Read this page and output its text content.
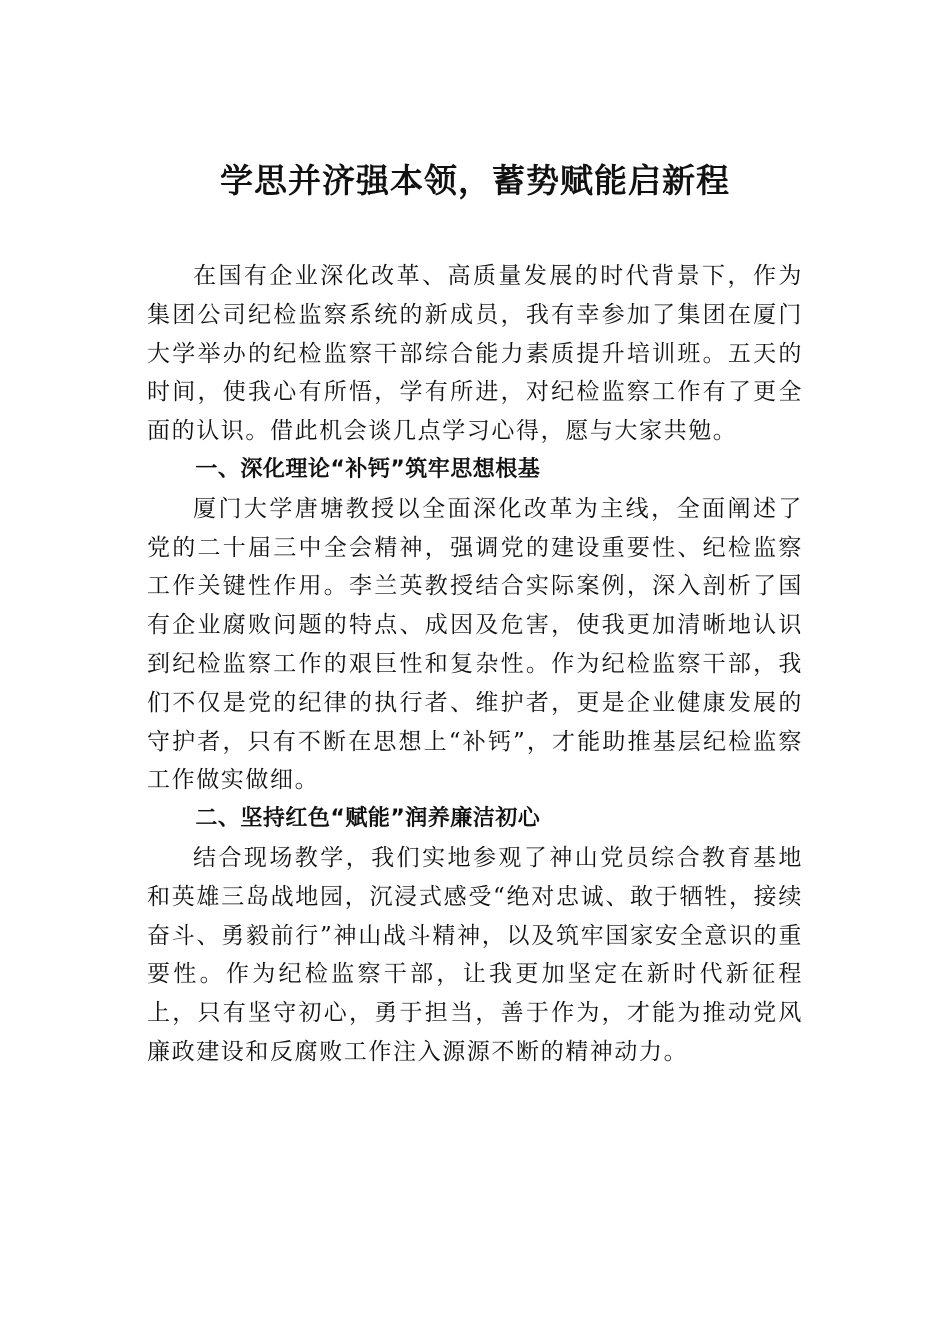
学思并济强本领，蓄势赋能启新程

在国有企业深化改革、高质量发展的时代背景下，作为集团公司纪检监察系统的新成员，我有幸参加了集团在厦门大学举办的纪检监察干部综合能力素质提升培训班。五天的时间，使我心有所悟，学有所进，对纪检监察工作有了更全面的认识。借此机会谈几点学习心得，愿与大家共勉。

一、深化理论“补钙”筑牢思想根基

厦门大学唐塘教授以全面深化改革为主线，全面阐述了 党的二十届三中全会精神，强调党的建设重要性、纪检监察 工作关键性作用。李兰英教授结合实际案例，深入剖析了国 有企业腐败问题的特点、成因及危害，使我更加清晰地认识 到纪检监察工作的艰巨性和复杂性。作为纪检监察干部，我 们不仅是党的纪律的执行者、维护者，更是企业健康发展的 守护者，只有不断在思想上“补钙”，才能助推基层纪检监察 工作做实做细。

二、坚持红色“赋能”润养廉洁初心

结合现场教学，我们实地参观了神山党员综合教育基地和英雄三岛战地园，沉浸式感受“绝对忠诚、敢于牺牲，接续奋斗、勇毅前行”神山战斗精神，以及筑牢国家安全意识的重要性。作为纪检监察干部，让我更加坚定在新时代新征程上，只有坚守初心，勇于担当，善于作为，才能为推动党风廉政建设和反腐败工作注入源源不断的精神动力。
